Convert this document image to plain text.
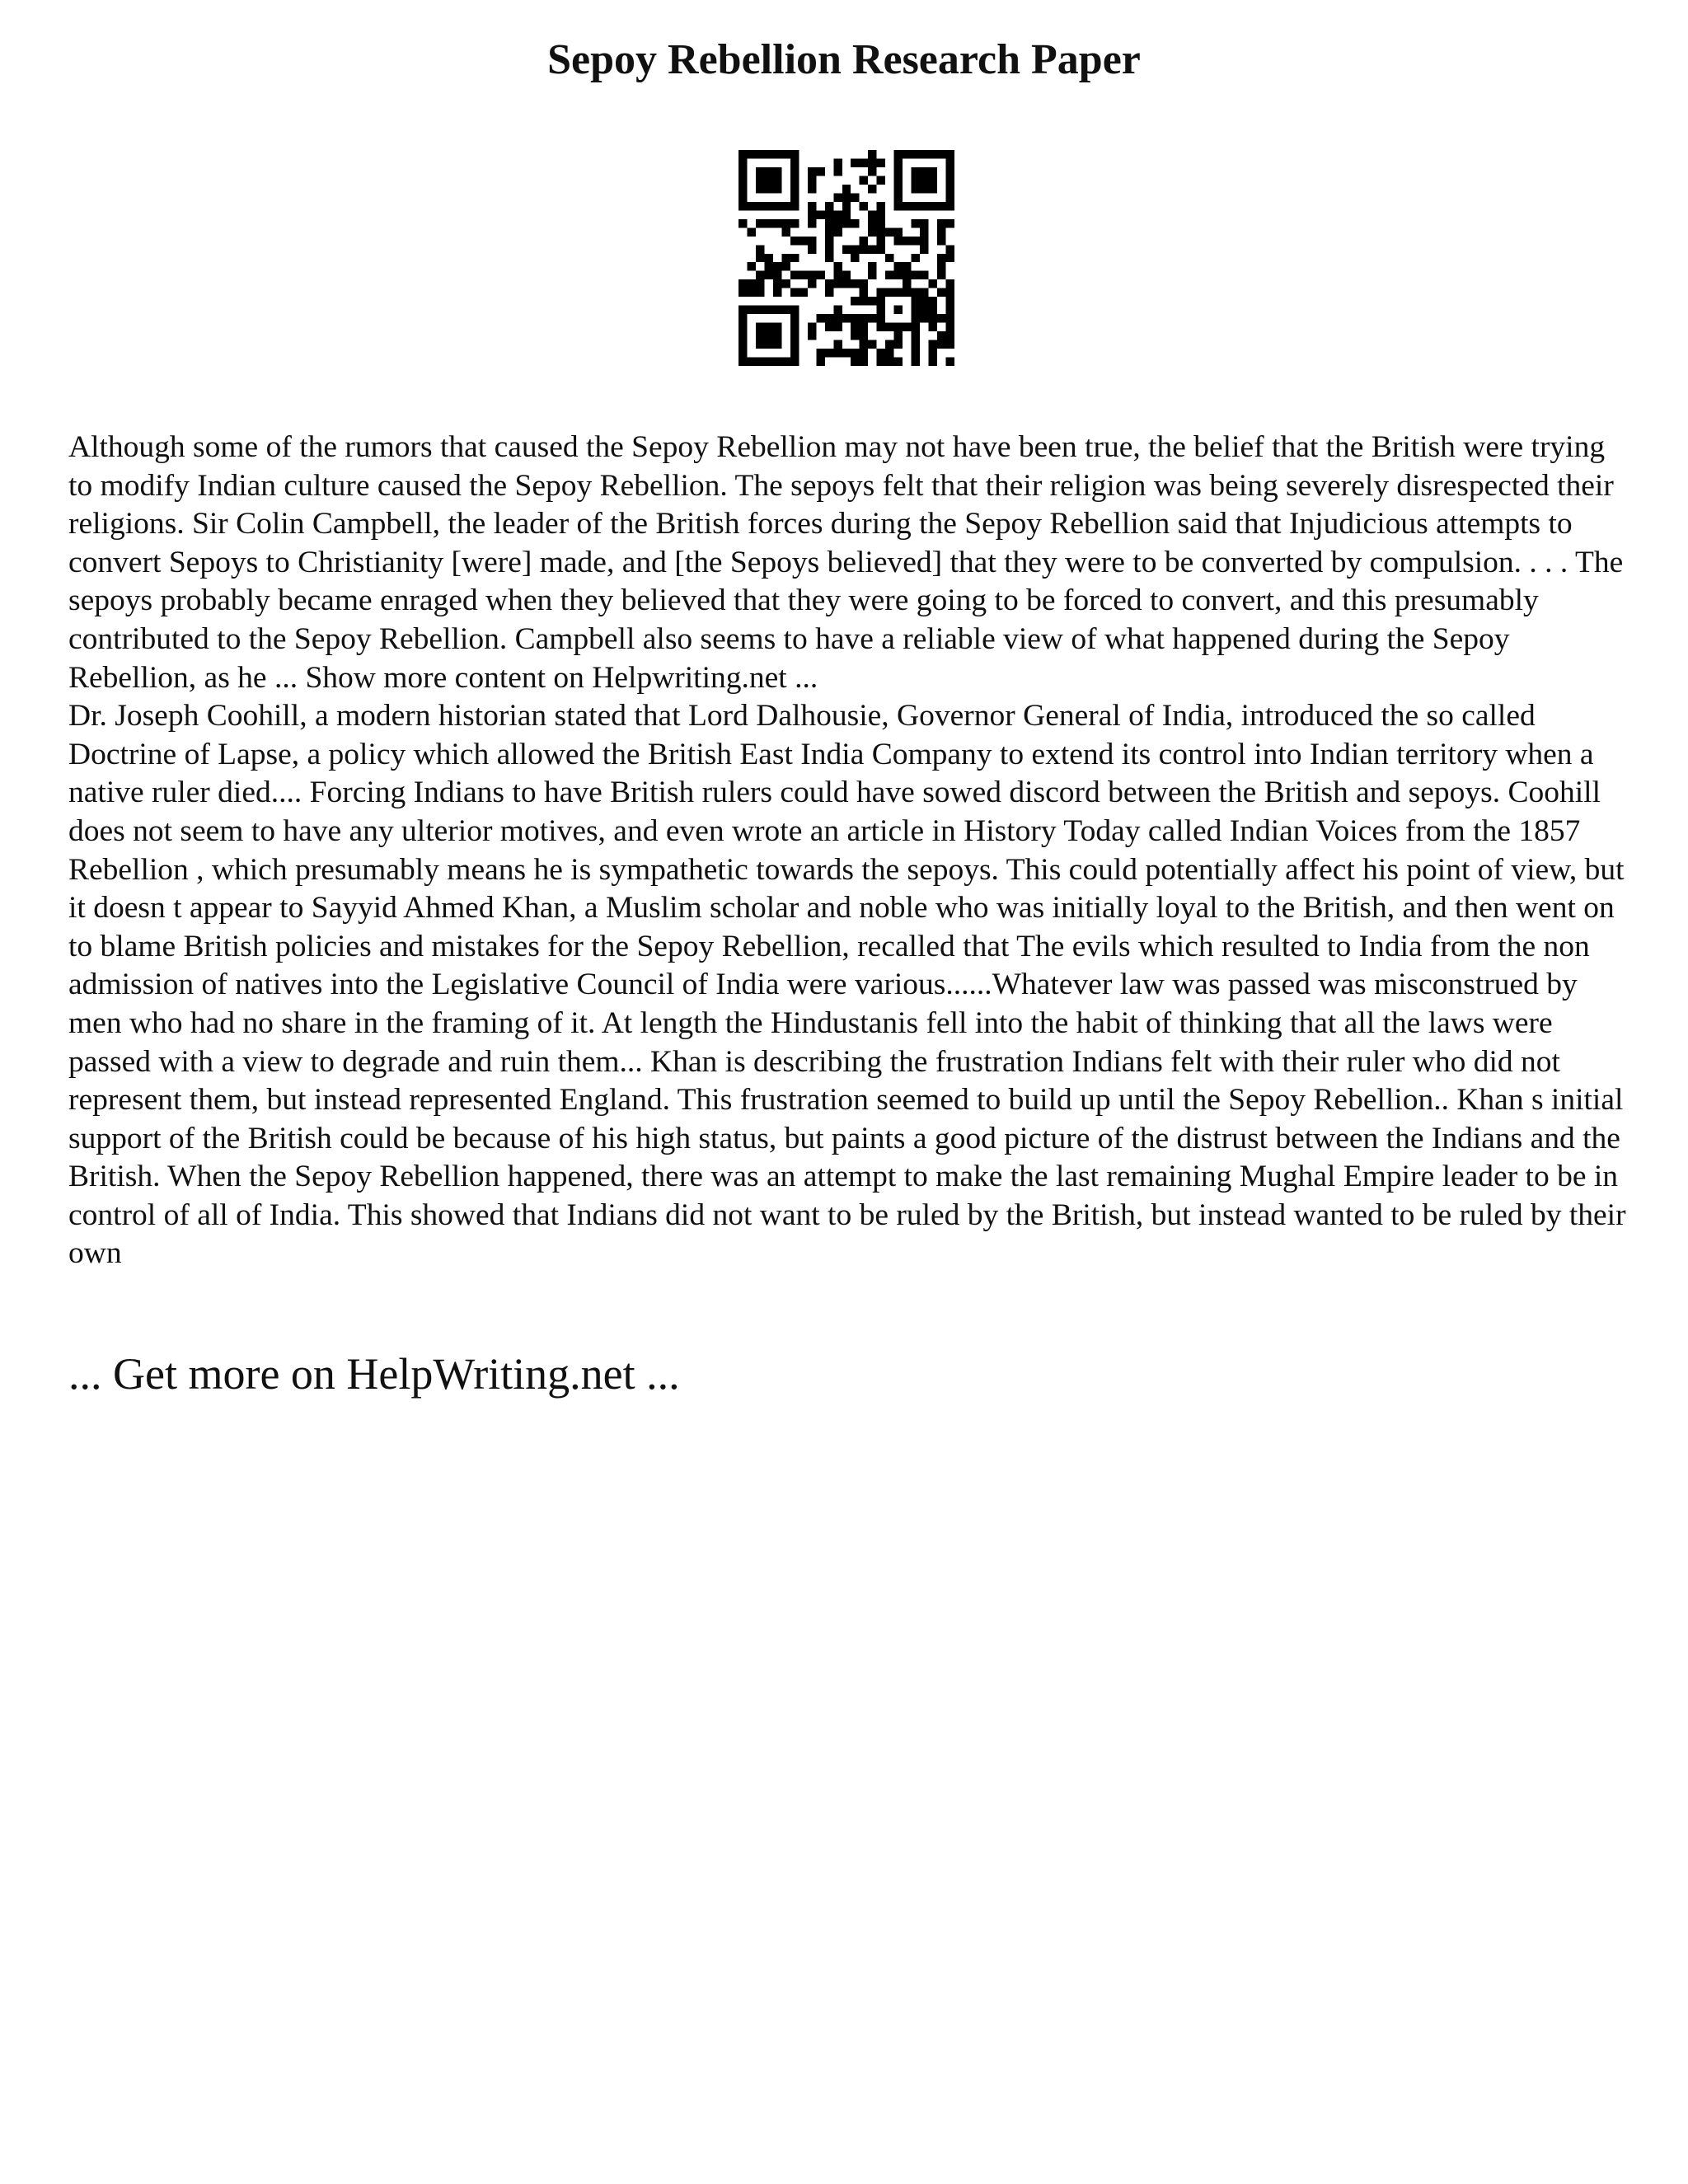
Sepoy Rebellion Research Paper

Although some of the rumors that caused the Sepoy Rebellion may not have been true, the belief that the British were trying to modify Indian culture caused the Sepoy Rebellion. The sepoys felt that their religion was being severely disrespected their religions. Sir Colin Campbell, the leader of the British forces during the Sepoy Rebellion said that Injudicious attempts to convert Sepoys to Christianity [were] made, and [the Sepoys believed] that they were to be converted by compulsion. . . . The sepoys probably became enraged when they believed that they were going to be forced to convert, and this presumably contributed to the Sepoy Rebellion. Campbell also seems to have a reliable view of what happened during the Sepoy Rebellion, as he ... Show more content on Helpwriting.net ...

Dr. Joseph Coohill, a modern historian stated that Lord Dalhousie, Governor General of India, introduced the so called Doctrine of Lapse, a policy which allowed the British East India Company to extend its control into Indian territory when a native ruler died.... Forcing Indians to have British rulers could have sowed discord between the British and sepoys. Coohill does not seem to have any ulterior motives, and even wrote an article in History Today called Indian Voices from the 1857 Rebellion , which presumably means he is sympathetic towards the sepoys. This could potentially affect his point of view, but it doesn t appear to Sayyid Ahmed Khan, a Muslim scholar and noble who was initially loyal to the British, and then went on to blame British policies and mistakes for the Sepoy Rebellion, recalled that The evils which resulted to India from the non admission of natives into the Legislative Council of India were various......Whatever law was passed was misconstrued by men who had no share in the framing of it. At length the Hindustanis fell into the habit of thinking that all the laws were passed with a view to degrade and ruin them... Khan is describing the frustration Indians felt with their ruler who did not represent them, but instead represented England. This frustration seemed to build up until the Sepoy Rebellion.. Khan s initial support of the British could be because of his high status, but paints a good picture of the distrust between the Indians and the British. When the Sepoy Rebellion happened, there was an attempt to make the last remaining Mughal Empire leader to be in control of all of India. This showed that Indians did not want to be ruled by the British, but instead wanted to be ruled by their own

... Get more on HelpWriting.net ...
